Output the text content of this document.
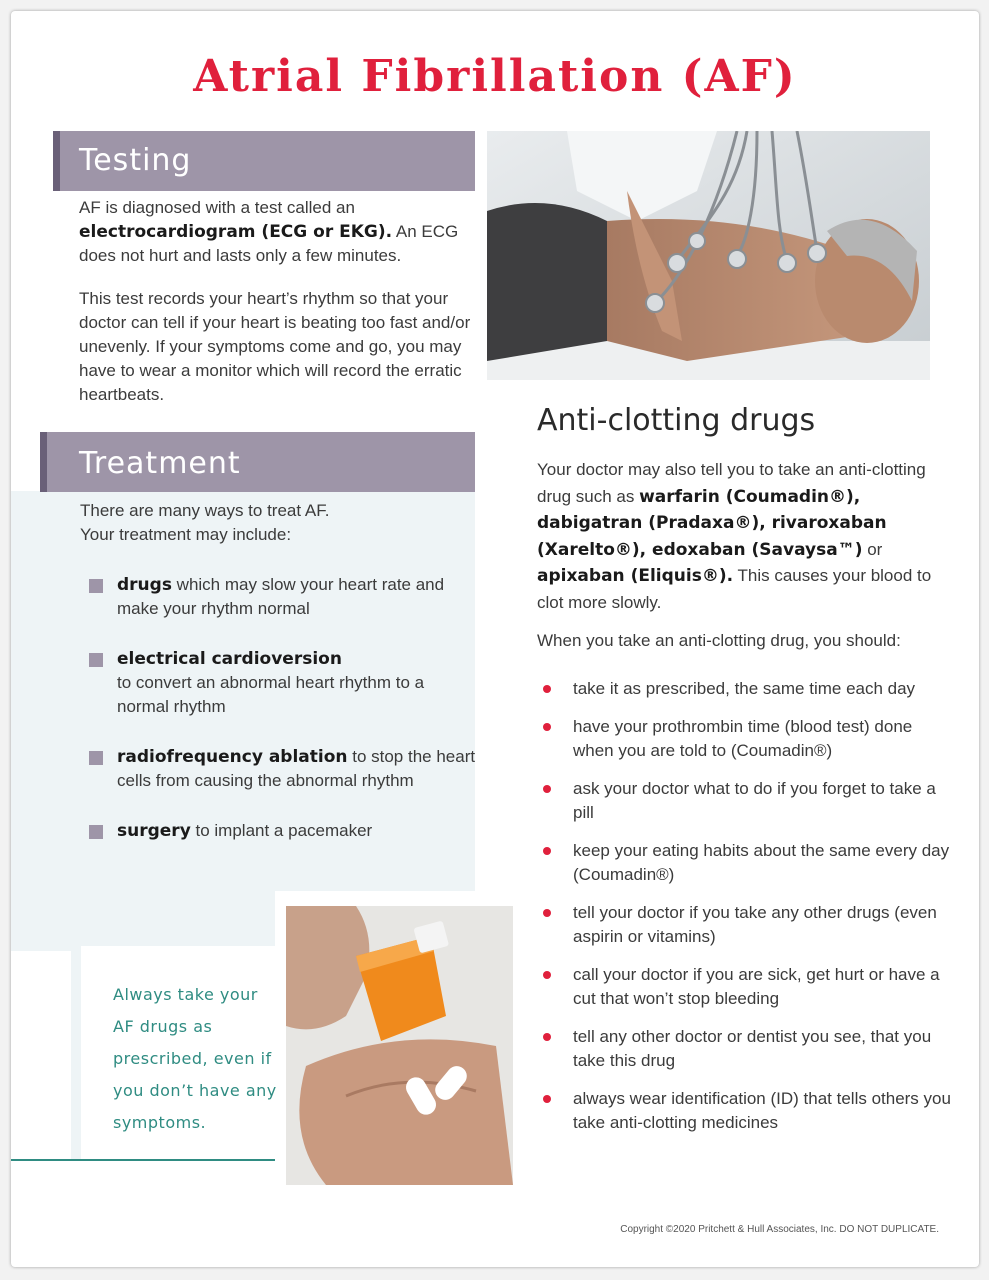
Atrial Fibrillation (AF)
Testing

AF is diagnosed with a test called an
electrocardiogram (ECG or EKG). An ECG does not hurt and lasts only a few minutes.

This test records your heart’s rhythm so that your doctor can tell if your heart is beating too fast and/or unevenly. If your symptoms come and go, you may have to wear a monitor which will record the erratic heartbeats.

Treatment

There are many ways to treat AF.
Your treatment may include:

drugs which may slow your heart rate and make your rhythm normal
electrical cardioversion
to convert an abnormal heart rhythm to a normal rhythm
radiofrequency ablation to stop the heart cells from causing the abnormal rhythm
surgery to implant a pacemaker

Always take your AF drugs as prescribed, even if you don’t have any symptoms.

Anti-clotting drugs

Your doctor may also tell you to take an anti-clotting drug such as warfarin (Coumadin®), dabigatran (Pradaxa®), rivaroxaban (Xarelto®), edoxaban (Savaysa™) or apixaban (Eliquis®). This causes your blood to clot more slowly.

When you take an anti-clotting drug, you should:

take it as prescribed, the same time each day
have your prothrombin time (blood test) done when you are told to (Coumadin®)
ask your doctor what to do if you forget to take a pill
keep your eating habits about the same every day (Coumadin®)
tell your doctor if you take any other drugs (even aspirin or vitamins)
call your doctor if you are sick, get hurt or have a cut that won’t stop bleeding
tell any other doctor or dentist you see, that you take this drug
always wear identification (ID) that tells others you take anti-clotting medicines

Copyright ©2020 Pritchett & Hull Associates, Inc. DO NOT DUPLICATE.
